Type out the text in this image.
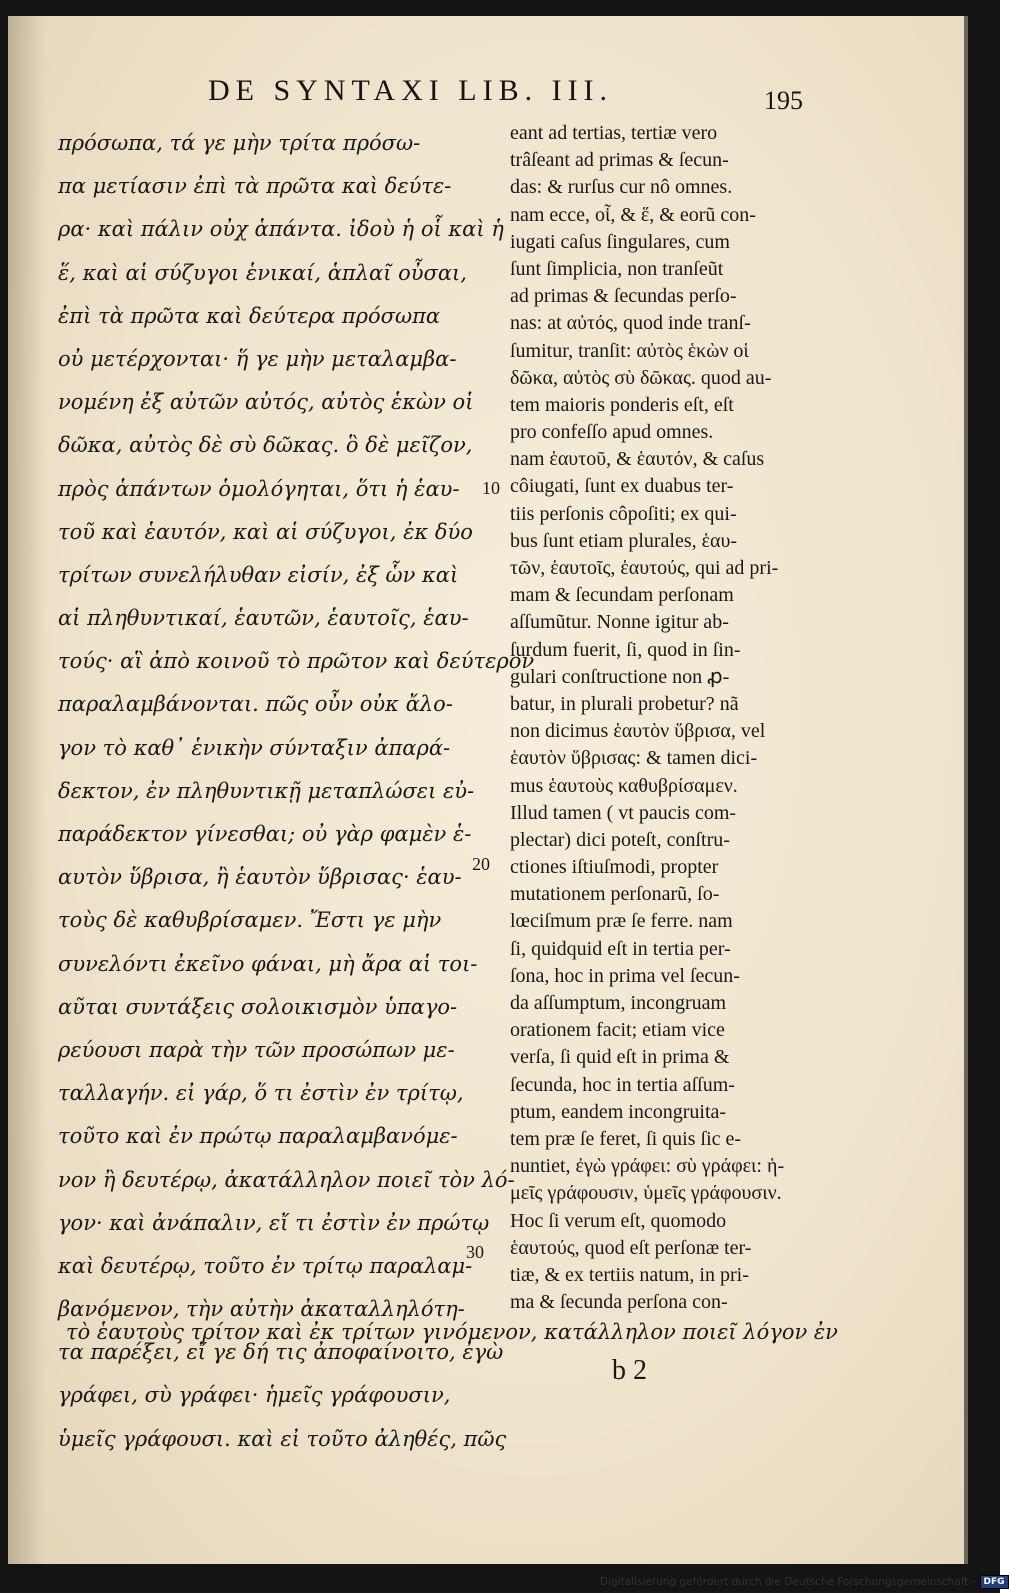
DE SYNTAXI LIB. III.	195
πρόσωπα, τά γε μὴν τρίτα πρόσω-
πα μετίασιν ἐπὶ τὰ πρῶτα καὶ δεύτε-
ρα· καὶ πάλιν οὐχ ἁπάντα. ἰδοὺ ἡ οἷ καὶ ἡ
ἕ, καὶ αἱ σύζυγοι ἑνικαί, ἁπλαῖ οὖσαι,
ἐπὶ τὰ πρῶτα καὶ δεύτερα πρόσωπα
οὐ μετέρχονται· ἥ γε μὴν μεταλαμβα-
νομένη ἐξ αὐτῶν αὐτός, αὐτὸς ἑκὼν οἱ
δῶκα, αὐτὸς δὲ σὺ δῶκας. ὃ δὲ μεῖζον,
πρὸς ἁπάντων ὁμολόγηται, ὅτι ἡ ἑαυ-
τοῦ καὶ ἑαυτόν, καὶ αἱ σύζυγοι, ἐκ δύο
τρίτων συνελήλυθαν εἰσίν, ἐξ ὧν καὶ
αἱ πληθυντικαί, ἑαυτῶν, ἑαυτοῖς, ἑαυ-
τούς· αἳ ἀπὸ κοινοῦ τὸ πρῶτον καὶ δεύτερον
παραλαμβάνονται. πῶς οὖν οὐκ ἄλο-
γον τὸ καθ᾽ ἑνικὴν σύνταξιν ἀπαρά-
δεκτον, ἐν πληθυντικῇ μεταπλώσει εὐ-
παράδεκτον γίνεσθαι; οὐ γὰρ φαμὲν ἑ-
αυτὸν ὕβρισα, ἢ ἑαυτὸν ὕβρισας· ἑαυ-
τοὺς δὲ καθυβρίσαμεν. Ἔστι γε μὴν
συνελόντι ἐκεῖνο φάναι, μὴ ἄρα αἱ τοι-
αῦται συντάξεις σολοικισμὸν ὑπαγο-
ρεύουσι παρὰ τὴν τῶν προσώπων με-
ταλλαγήν. εἰ γάρ, ὅ τι ἐστὶν ἐν τρίτῳ,
τοῦτο καὶ ἐν πρώτῳ παραλαμβανόμε-
νον ἢ δευτέρῳ, ἀκατάλληλον ποιεῖ τὸν λό-
γον· καὶ ἀνάπαλιν, εἴ τι ἐστὶν ἐν πρώτῳ
καὶ δευτέρῳ, τοῦτο ἐν τρίτῳ παραλαμ-
βανόμενον, τὴν αὐτὴν ἀκαταλληλότη-
τα παρέξει, εἴ γε δή τις ἀποφαίνοιτο, ἐγὼ
γράφει, σὺ γράφει· ἡμεῖς γράφουσιν,
ὑμεῖς γράφουσι. καὶ εἰ τοῦτο ἀληθές, πῶς
eant ad tertias, tertiæ vero
trâſeant ad primas & ſecun-
das: & rurſus cur nô omnes.
nam ecce, οἷ, & ἕ, & eorũ con-
iugati caſus ſingulares, cum
ſunt ſimplicia, non tranſeũt
ad primas & ſecundas perſo-
nas: at αὐτός, quod inde tranſ-
ſumitur, tranſit: αὐτὸς ἑκὼν οἱ
δῶκα, αὐτὸς σὺ δῶκας. quod au-
tem maioris ponderis eſt, eſt
pro confeſſo apud omnes.
nam ἑαυτοῦ, & ἑαυτόν, & caſus
côiugati, ſunt ex duabus ter-
tiis perſonis côpoſiti; ex qui-
bus ſunt etiam plurales, ἑαυ-
τῶν, ἑαυτοῖς, ἑαυτούς, qui ad pri-
mam & ſecundam perſonam
aſſumũtur. Nonne igitur ab-
ſurdum fuerit, ſi, quod in ſin-
gulari conſtructione non ꝓ-
batur, in plurali probetur? nã
non dicimus ἑαυτὸν ὕβρισα, vel
ἑαυτὸν ὕβρισας: & tamen dici-
mus ἑαυτοὺς καθυβρίσαμεν.
Illud tamen ( vt paucis com-
plectar) dici poteſt, conſtru-
ctiones iſtiuſmodi, propter
mutationem perſonarũ, ſo-
lœciſmum præ ſe ferre. nam
ſi, quidquid eſt in tertia per-
ſona, hoc in prima vel ſecun-
da aſſumptum, incongruam
orationem facit; etiam vice
verſa, ſi quid eſt in prima &
ſecunda, hoc in tertia aſſum-
ptum, eandem incongruita-
tem præ ſe feret, ſi quis ſic e-
nuntiet, ἐγὼ γράφει: σὺ γράφει: ἡ-
μεῖς γράφουσιν, ὑμεῖς γράφουσιν.
Hoc ſi verum eſt, quomodo
ἑαυτούς, quod eſt perſonæ ter-
tiæ, & ex tertiis natum, in pri-
ma & ſecunda perſona con-
10
20
30
τὸ ἑαυτοὺς τρίτον καὶ ἐκ τρίτων γινόμενον, κατάλληλον ποιεῖ λόγον ἐν
b 2
Digitalisierung gefördert durch die Deutsche Forschungsgemeinschaft - DFG
